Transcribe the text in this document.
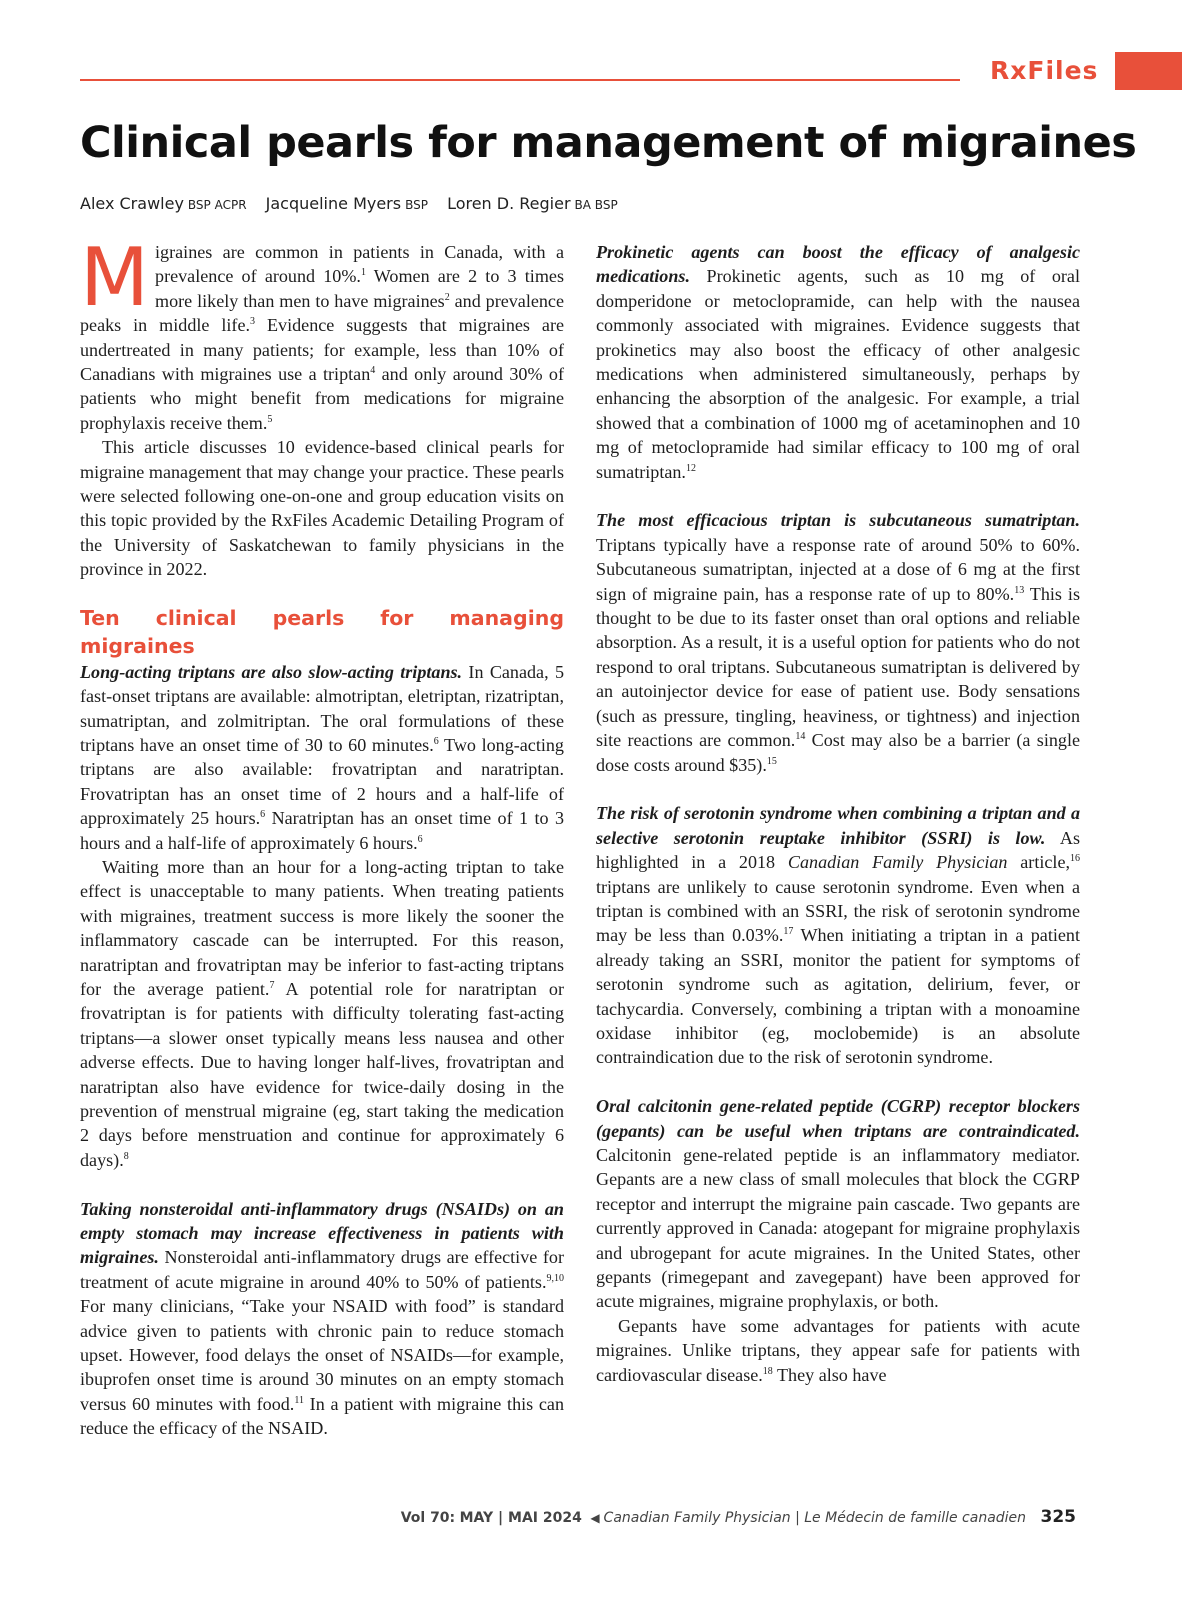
RxFiles
Clinical pearls for management of migraines
Alex Crawley BSP ACPR Jacqueline Myers BSP Loren D. Regier BA BSP

Migraines are common in patients in Canada, with a prevalence of around 10%.$^1$ Women are 2 to 3 times more likely than men to have migraines$^2$ and prevalence peaks in middle life.$^3$ Evidence suggests that migraines are undertreated in many patients; for example, less than 10% of Canadians with migraines use a triptan$^4$ and only around 30% of patients who might benefit from medications for migraine prophylaxis receive them.$^5$

This article discusses 10 evidence-based clinical pearls for migraine management that may change your practice. These pearls were selected following one-on-one and group education visits on this topic provided by the RxFiles Academic Detailing Program of the University of Saskatchewan to family physicians in the province in 2022.

Ten clinical pearls for managing migraines

Long-acting triptans are also slow-acting triptans. In Canada, 5 fast-onset triptans are available: almotriptan, eletriptan, rizatriptan, sumatriptan, and zolmitriptan. The oral formulations of these triptans have an onset time of 30 to 60 minutes.$^6$ Two long-acting triptans are also available: frovatriptan and naratriptan. Frovatriptan has an onset time of 2 hours and a half-life of approximately 25 hours.$^6$ Naratriptan has an onset time of 1 to 3 hours and a half-life of approximately 6 hours.$^6$

Waiting more than an hour for a long-acting triptan to take effect is unacceptable to many patients. When treating patients with migraines, treatment success is more likely the sooner the inflammatory cascade can be interrupted. For this reason, naratriptan and frovatriptan may be inferior to fast-acting triptans for the average patient.$^7$ A potential role for naratriptan or frovatriptan is for patients with difficulty tolerating fast-acting triptans—a slower onset typically means less nausea and other adverse effects. Due to having longer half-lives, frovatriptan and naratriptan also have evidence for twice-daily dosing in the prevention of menstrual migraine (eg, start taking the medication 2 days before menstruation and continue for approximately 6 days).$^8$

Taking nonsteroidal anti-inflammatory drugs (NSAIDs) on an empty stomach may increase effectiveness in patients with migraines. Nonsteroidal anti-inflammatory drugs are effective for treatment of acute migraine in around 40% to 50% of patients.$^{9,10}$ For many clinicians, “Take your NSAID with food” is standard advice given to patients with chronic pain to reduce stomach upset. However, food delays the onset of NSAIDs—for example, ibuprofen onset time is around 30 minutes on an empty stomach versus 60 minutes with food.$^{11}$ In a patient with migraine this can reduce the efficacy of the NSAID.

Prokinetic agents can boost the efficacy of analgesic medications. Prokinetic agents, such as 10 mg of oral domperidone or metoclopramide, can help with the nausea commonly associated with migraines. Evidence suggests that prokinetics may also boost the efficacy of other analgesic medications when administered simultaneously, perhaps by enhancing the absorption of the analgesic. For example, a trial showed that a combination of 1000 mg of acetaminophen and 10 mg of metoclopramide had similar efficacy to 100 mg of oral sumatriptan.$^{12}$

The most efficacious triptan is subcutaneous sumatriptan. Triptans typically have a response rate of around 50% to 60%. Subcutaneous sumatriptan, injected at a dose of 6 mg at the first sign of migraine pain, has a response rate of up to 80%.$^{13}$ This is thought to be due to its faster onset than oral options and reliable absorption. As a result, it is a useful option for patients who do not respond to oral triptans. Subcutaneous sumatriptan is delivered by an autoinjector device for ease of patient use. Body sensations (such as pressure, tingling, heaviness, or tightness) and injection site reactions are common.$^{14}$ Cost may also be a barrier (a single dose costs around $35).$^{15}$

The risk of serotonin syndrome when combining a triptan and a selective serotonin reuptake inhibitor (SSRI) is low. As highlighted in a 2018 Canadian Family Physician article,$^{16}$ triptans are unlikely to cause serotonin syndrome. Even when a triptan is combined with an SSRI, the risk of serotonin syndrome may be less than 0.03%.$^{17}$ When initiating a triptan in a patient already taking an SSRI, monitor the patient for symptoms of serotonin syndrome such as agitation, delirium, fever, or tachycardia. Conversely, combining a triptan with a monoamine oxidase inhibitor (eg, moclobemide) is an absolute contraindication due to the risk of serotonin syndrome.

Oral calcitonin gene-related peptide (CGRP) receptor blockers (gepants) can be useful when triptans are contraindicated. Calcitonin gene-related peptide is an inflammatory mediator. Gepants are a new class of small molecules that block the CGRP receptor and interrupt the migraine pain cascade. Two gepants are currently approved in Canada: atogepant for migraine prophylaxis and ubrogepant for acute migraines. In the United States, other gepants (rimegepant and zavegepant) have been approved for acute migraines, migraine prophylaxis, or both.

Gepants have some advantages for patients with acute migraines. Unlike triptans, they appear safe for patients with cardiovascular disease.$^{18}$ They also have

Vol 70: MAY | MAI 2024 ◀ Canadian Family Physician | Le Médecin de famille canadien 325
